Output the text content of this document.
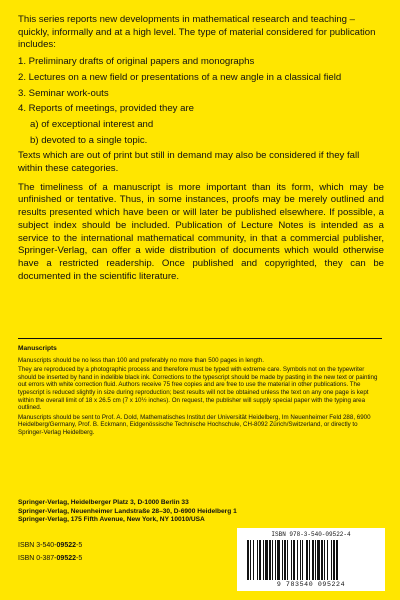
This series reports new developments in mathematical research and teaching – quickly, informally and at a high level. The type of material considered for publication includes:

1. Preliminary drafts of original papers and monographs
2. Lectures on a new field or presentations of a new angle in a classical field
3. Seminar work-outs
4. Reports of meetings, provided they are
a) of exceptional interest and
b) devoted to a single topic.

Texts which are out of print but still in demand may also be considered if they fall within these categories.

The timeliness of a manuscript is more important than its form, which may be unfinished or tentative. Thus, in some instances, proofs may be merely outlined and results presented which have been or will later be published elsewhere. If possible, a subject index should be included. Publication of Lecture Notes is intended as a service to the international mathematical community, in that a commercial publisher, Springer-Verlag, can offer a wide distribution of documents which would otherwise have a restricted readership. Once published and copyrighted, they can be documented in the scientific literature.

Manuscripts

Manuscripts should be no less than 100 and preferably no more than 500 pages in length.

They are reproduced by a photographic process and therefore must be typed with extreme care. Symbols not on the typewriter should be inserted by hand in indelible black ink. Corrections to the typescript should be made by pasting in the new text or painting out errors with white correction fluid. Authors receive 75 free copies and are free to use the material in other publications. The typescript is reduced slightly in size during reproduction; best results will not be obtained unless the text on any one page is kept within the overall limit of 18 x 26.5 cm (7 x 10½ inches). On request, the publisher will supply special paper with the typing area outlined.

Manuscripts should be sent to Prof. A. Dold, Mathematisches Institut der Universität Heidelberg, Im Neuenheimer Feld 288, 6900 Heidelberg/Germany, Prof. B. Eckmann, Eidgenössische Technische Hochschule, CH-8092 Zürich/Switzerland, or directly to Springer-Verlag Heidelberg.

Springer-Verlag, Heidelberger Platz 3, D-1000 Berlin 33
Springer-Verlag, Neuenheimer Landstraße 28–30, D-6900 Heidelberg 1
Springer-Verlag, 175 Fifth Avenue, New York, NY 10010/USA
ISBN 3-540-09522-5
ISBN 0-387-09522-5
ISBN 978-3-540-09522-4
9 783540 095224
